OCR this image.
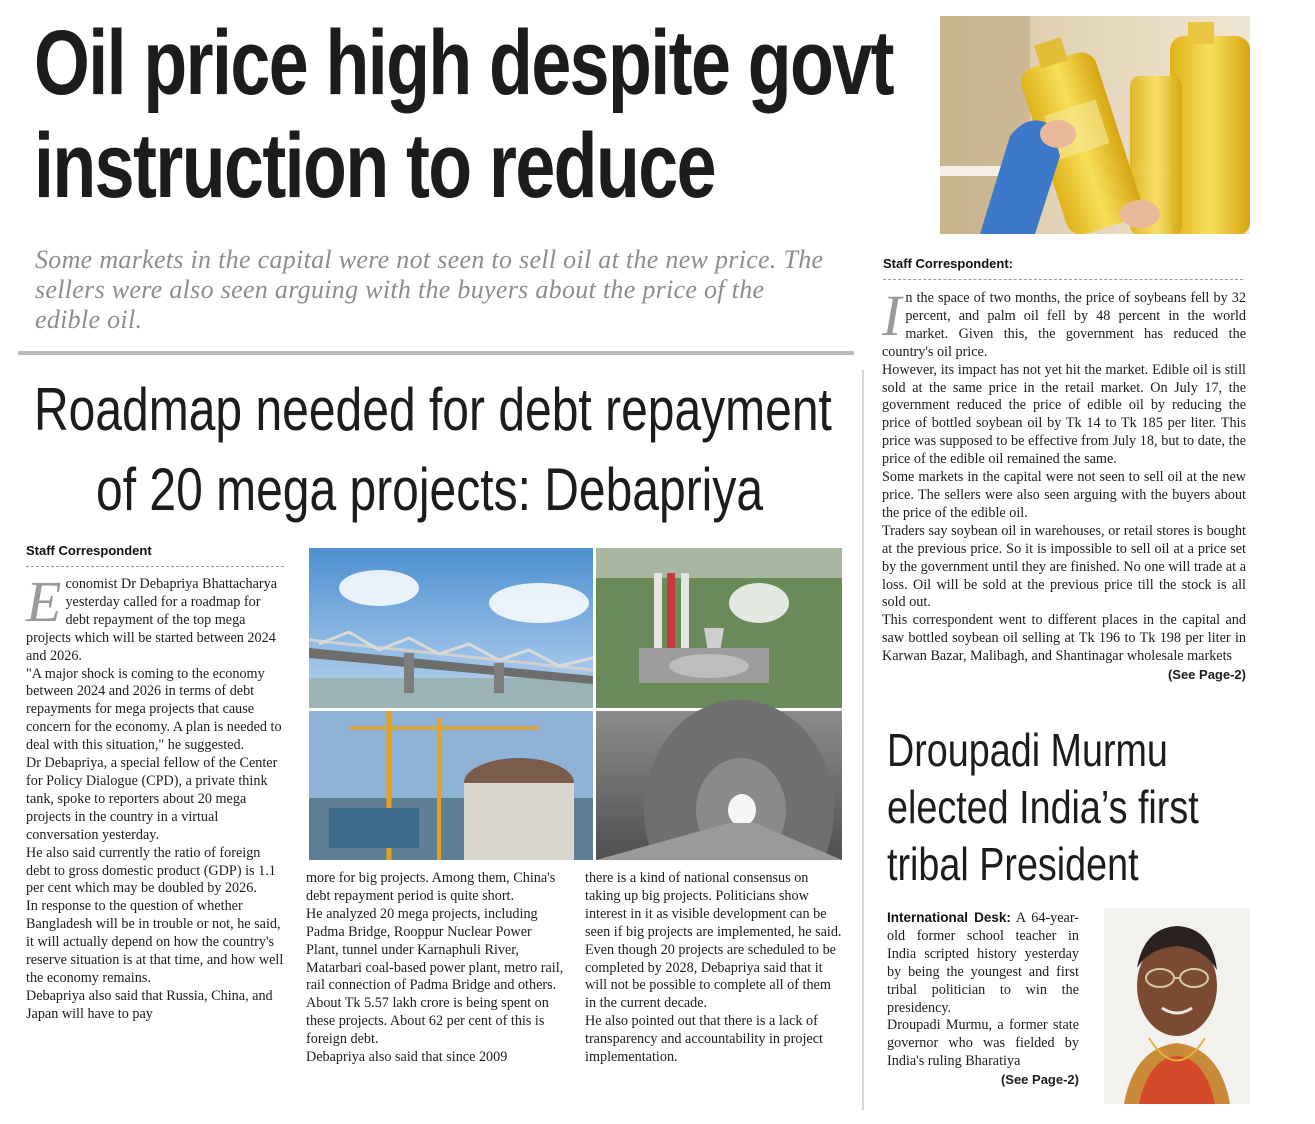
Oil price high despite govt
instruction to reduce
Some markets in the capital were not seen to sell oil at the new price. The sellers were also seen arguing with the buyers about the price of the edible oil.
Staff Correspondent:
I n the space of two months, the price of soybeans fell by 32 percent, and palm oil fell by 48 percent in the world market. Given this, the government has reduced the country's oil price.

However, its impact has not yet hit the market. Edible oil is still sold at the same price in the retail market. On July 17, the government reduced the price of edible oil by reducing the price of bottled soybean oil by Tk 14 to Tk 185 per liter. This price was supposed to be effective from July 18, but to date, the price of the edible oil remained the same.

Some markets in the capital were not seen to sell oil at the new price. The sellers were also seen arguing with the buyers about the price of the edible oil.

Traders say soybean oil in warehouses, or retail stores is bought at the previous price. So it is impossible to sell oil at a price set by the government until they are finished. No one will trade at a loss. Oil will be sold at the previous price till the stock is all sold out.

This correspondent went to different places in the capital and saw bottled soybean oil selling at Tk 196 to Tk 198 per liter in Karwan Bazar, Malibagh, and Shantinagar wholesale markets
(See Page-2)

Roadmap needed for debt repayment
of 20 mega projects: Debapriya
Staff Correspondent
E conomist Dr Debapriya Bhattacharya yesterday called for a roadmap for debt repayment of the top mega projects which will be started between 2024 and 2026.

"A major shock is coming to the economy between 2024 and 2026 in terms of debt repayments for mega projects that cause concern for the economy. A plan is needed to deal with this situation," he suggested.

Dr Debapriya, a special fellow of the Center for Policy Dialogue (CPD), a private think tank, spoke to reporters about 20 mega projects in the country in a virtual conversation yesterday.

He also said currently the ratio of foreign debt to gross domestic product (GDP) is 1.1 per cent which may be doubled by 2026.

In response to the question of whether Bangladesh will be in trouble or not, he said, it will actually depend on how the country's reserve situation is at that time, and how well the economy remains.

Debapriya also said that Russia, China, and Japan will have to pay

more for big projects. Among them, China's debt repayment period is quite short.

He analyzed 20 mega projects, including Padma Bridge, Rooppur Nuclear Power Plant, tunnel under Karnaphuli River, Matarbari coal-based power plant, metro rail, rail connection of Padma Bridge and others.

About Tk 5.57 lakh crore is being spent on these projects. About 62 per cent of this is foreign debt.

Debapriya also said that since 2009

there is a kind of national consensus on taking up big projects. Politicians show interest in it as visible development can be seen if big projects are implemented, he said.

Even though 20 projects are scheduled to be completed by 2028, Debapriya said that it will not be possible to complete all of them in the current decade.

He also pointed out that there is a lack of transparency and accountability in project implementation.

Droupadi Murmu
elected India’s first
tribal President

International Desk: A 64-year-old former school teacher in India scripted history yesterday by being the youngest and first tribal politician to win the presidency.

Droupadi Murmu, a former state governor who was fielded by India's ruling Bharatiya
(See Page-2)
